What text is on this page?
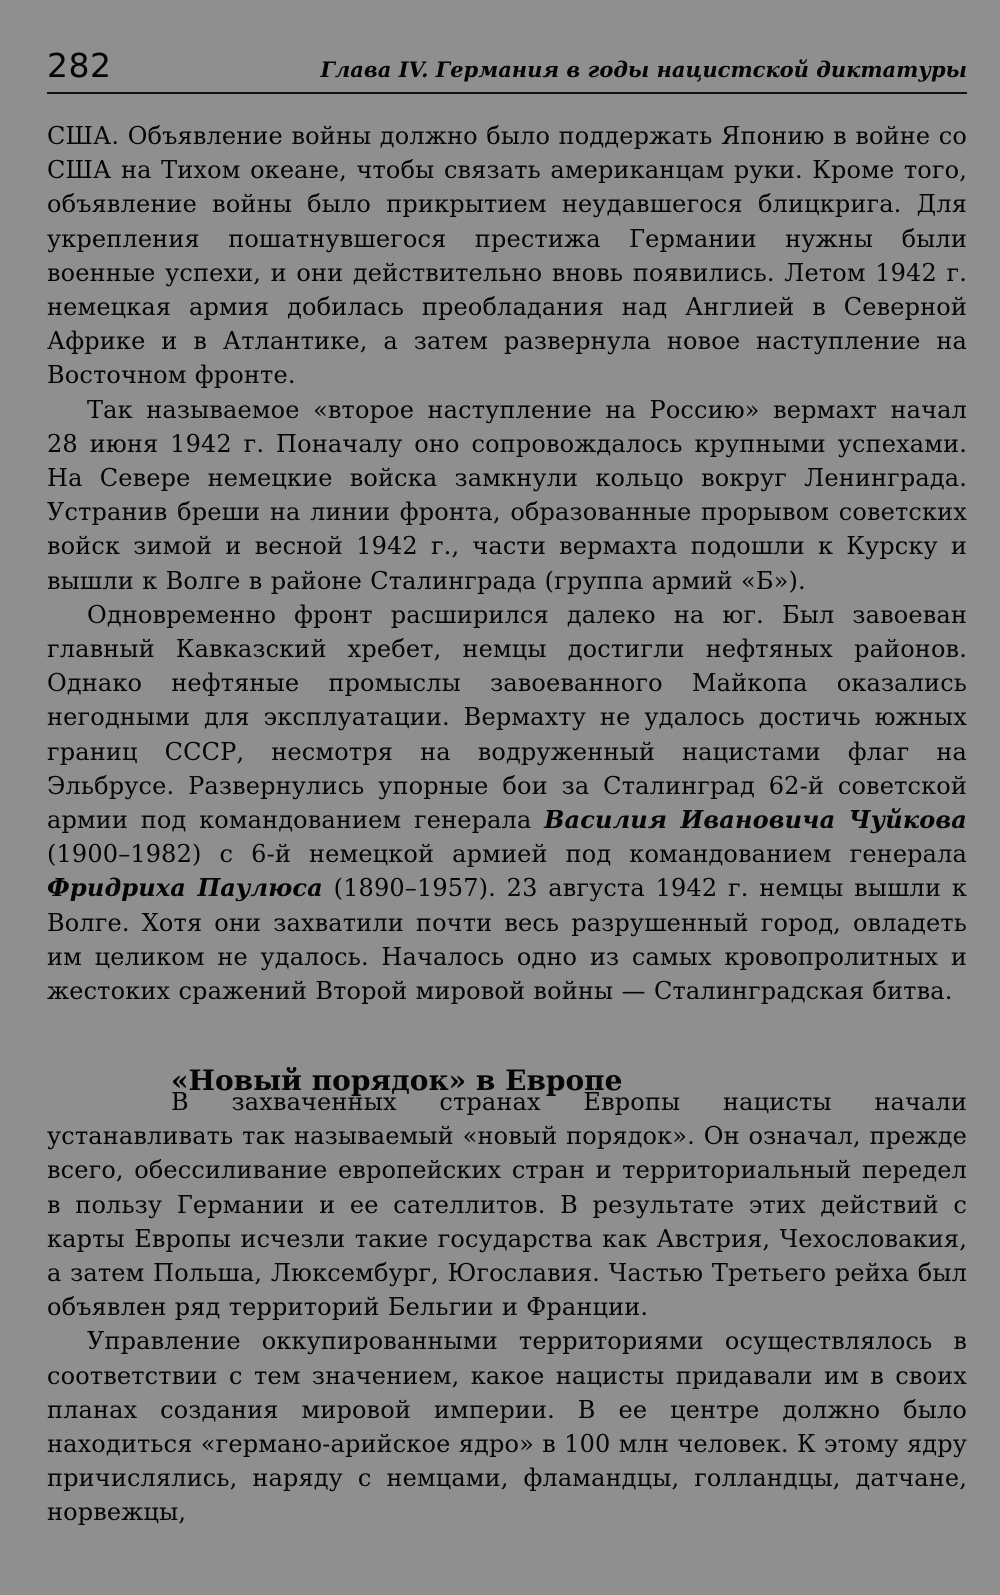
282	Глава IV. Германия в годы нацистской диктатуры

США. Объявление войны должно было поддержать Японию в войне со США на Тихом океане, чтобы связать американцам руки. Кроме того, объявление войны было прикрытием неудавшегося блицкрига. Для укрепления пошатнувшегося престижа Германии нужны были военные успехи, и они действительно вновь появились. Летом 1942 г. немецкая армия добилась преобладания над Англией в Северной Африке и в Атлантике, а затем развернула новое наступление на Восточном фронте.

Так называемое «второе наступление на Россию» вермахт начал 28 июня 1942 г. Поначалу оно сопровождалось крупными успехами. На Севере немецкие войска замкнули кольцо вокруг Ленинграда. Устранив бреши на линии фронта, образованные прорывом советских войск зимой и весной 1942 г., части вермахта подошли к Курску и вышли к Волге в районе Сталинграда (группа армий «Б»).

Одновременно фронт расширился далеко на юг. Был завоеван главный Кавказский хребет, немцы достигли нефтяных районов. Однако нефтяные промыслы завоеванного Майкопа оказались негодными для эксплуатации. Вермахту не удалось достичь южных границ СССР, несмотря на водруженный нацистами флаг на Эльбрусе. Развернулись упорные бои за Сталинград 62-й советской армии под командованием генерала Василия Ивановича Чуйкова (1900–1982) с 6-й немецкой армией под командованием генерала Фридриха Паулюса (1890–1957). 23 августа 1942 г. немцы вышли к Волге. Хотя они захватили почти весь разрушенный город, овладеть им целиком не удалось. Началось одно из самых кровопролитных и жестоких сражений Второй мировой войны — Сталинградская битва.

«Новый порядок» в Европе

В захваченных странах Европы нацисты начали устанавливать так называемый «новый порядок». Он означал, прежде всего, обессиливание европейских стран и территориальный передел в пользу Германии и ее сателлитов. В результате этих действий с карты Европы исчезли такие государства как Австрия, Чехословакия, а затем Польша, Люксембург, Югославия. Частью Третьего рейха был объявлен ряд территорий Бельгии и Франции.

Управление оккупированными территориями осуществлялось в соответствии с тем значением, какое нацисты придавали им в своих планах создания мировой империи. В ее центре должно было находиться «германо-арийское ядро» в 100 млн человек. К этому ядру причислялись, наряду с немцами, фламандцы, голландцы, датчане, норвежцы,
